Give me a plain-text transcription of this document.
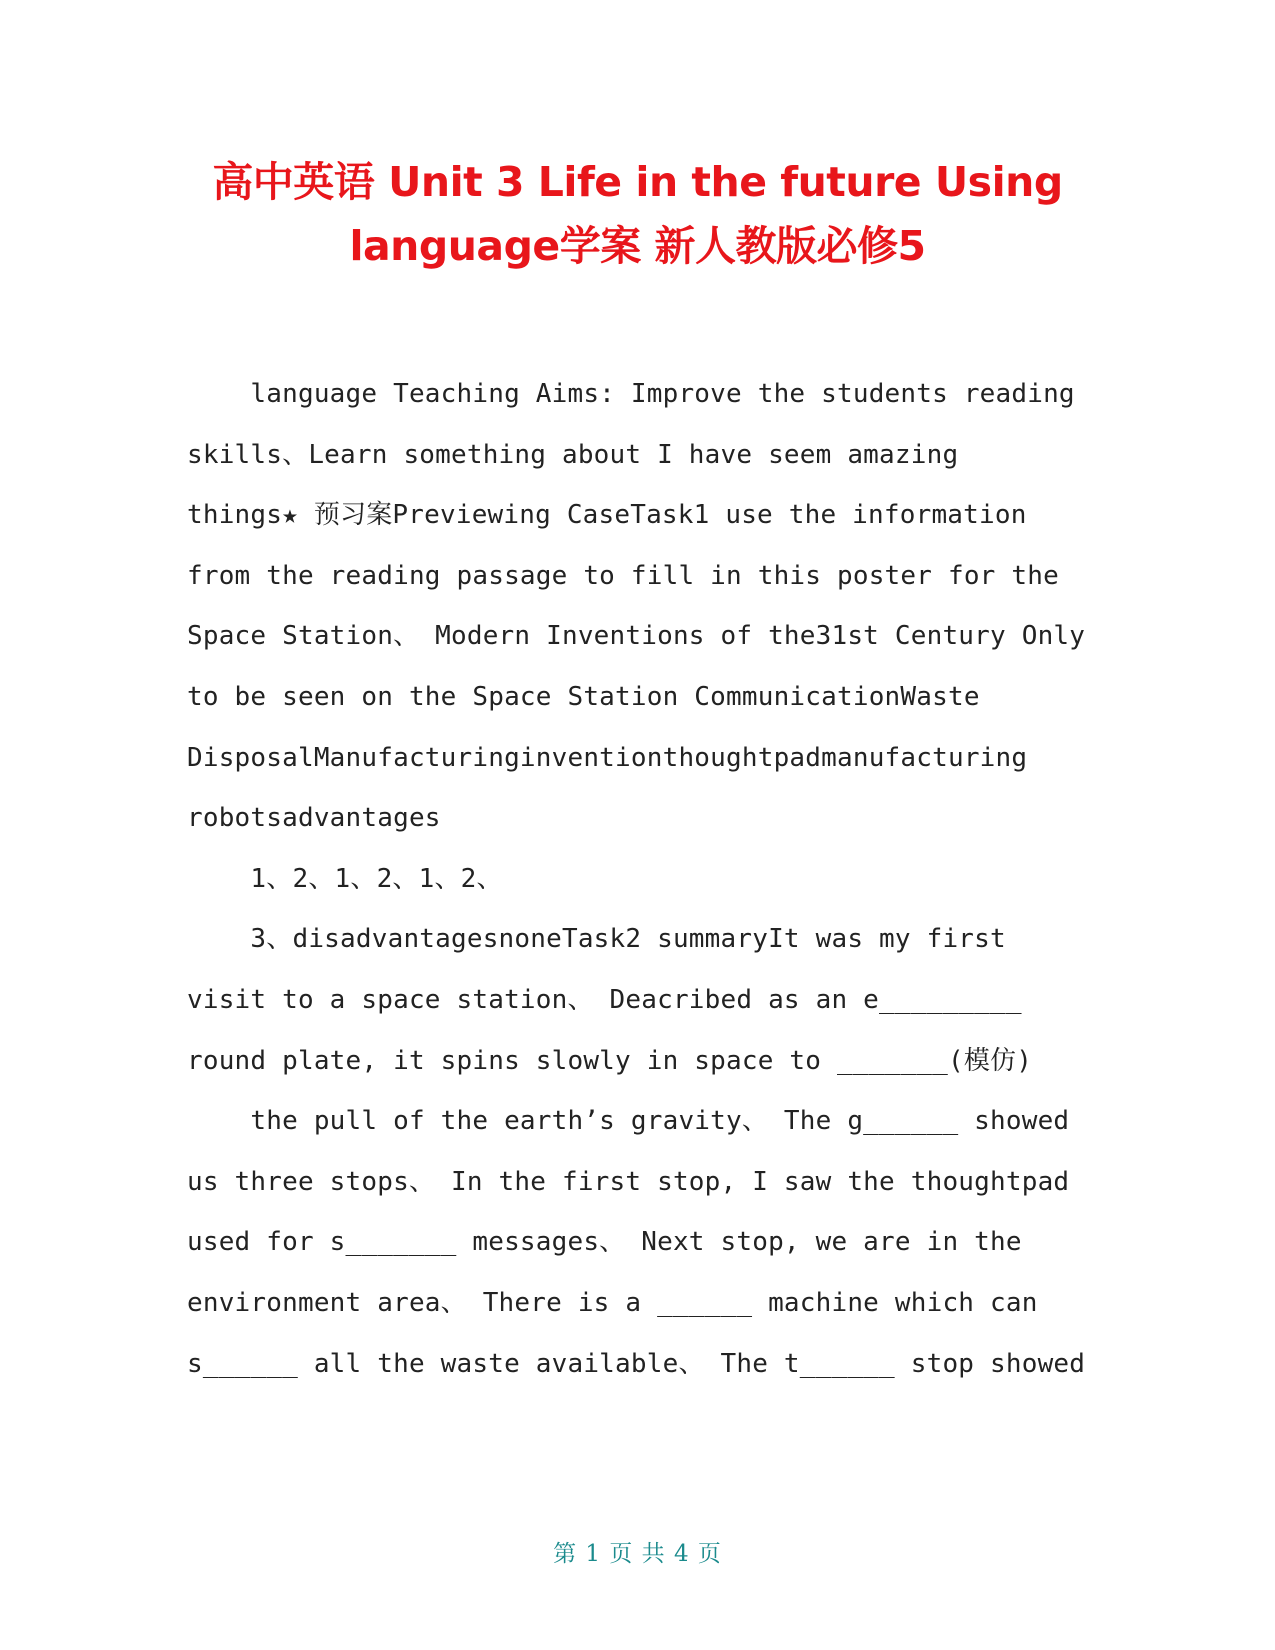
高中英语 Unit 3 Life in the future Using
language学案 新人教版必修5
language Teaching Aims: Improve the students reading
skills、Learn something about I have seem amazing
things★ 预习案Previewing CaseTask1 use the information
from the reading passage to fill in this poster for the
Space Station、 Modern Inventions of the31st Century Only
to be seen on the Space Station CommunicationWaste
DisposalManufacturinginventionthoughtpadmanufacturing
robotsadvantages
1、2、1、2、1、2、
3、disadvantagesnoneTask2 summaryIt was my first
visit to a space station、 Deacribed as an e_________
round plate, it spins slowly in space to _______(模仿)
the pull of the earth’s gravity、 The g______ showed
us three stops、 In the first stop, I saw the thoughtpad
used for s_______ messages、 Next stop, we are in the
environment area、 There is a ______ machine which can
s______ all the waste available、 The t______ stop showed
第 1 页 共 4 页
